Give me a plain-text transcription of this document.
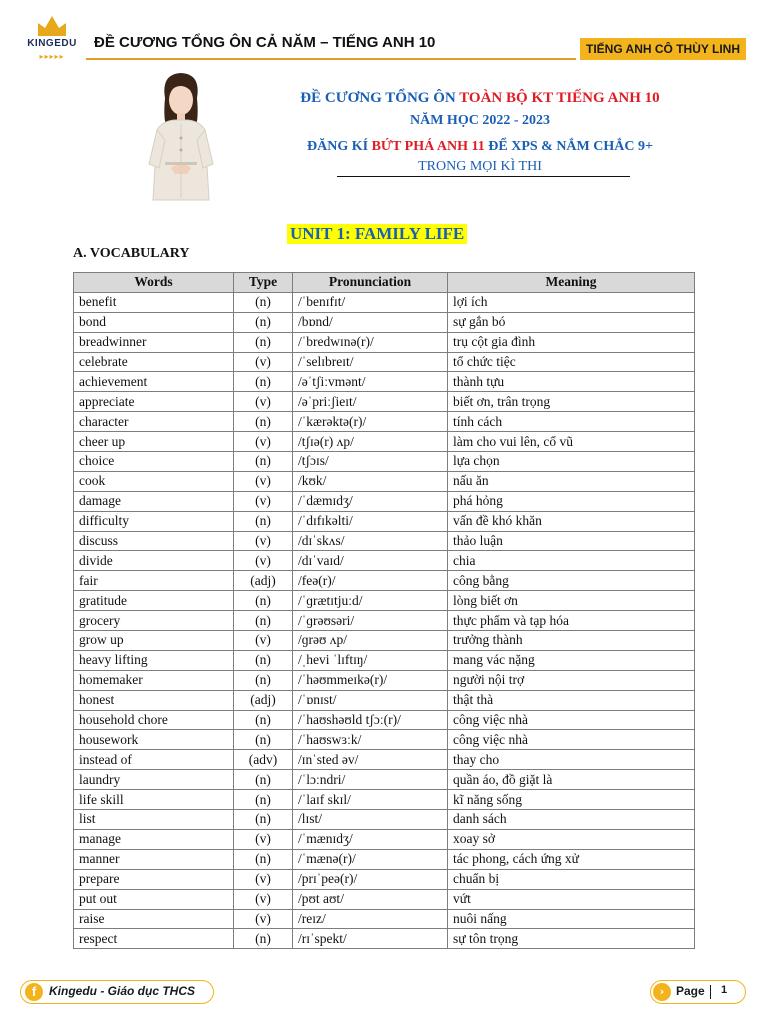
KINGEDU
▸▸▸▸▸
ĐỀ CƯƠNG TỔNG ÔN CẢ NĂM – TIẾNG ANH 10	TIẾNG ANH CÔ THÙY LINH
ĐỀ CƯƠNG TỔNG ÔN TOÀN BỘ KT TIẾNG ANH 10
NĂM HỌC 2022 - 2023
ĐĂNG KÍ BỨT PHÁ ANH 11 ĐỂ XPS & NẮM CHẮC 9+
TRONG MỌI KÌ THI
UNIT 1: FAMILY LIFE
A. VOCABULARY
Words	Type	Pronunciation	Meaning
benefit	(n)	/ˈbenɪfɪt/	lợi ích
bond	(n)	/bɒnd/	sự gắn bó
breadwinner	(n)	/ˈbredwɪnə(r)/	trụ cột gia đình
celebrate	(v)	/ˈselɪbreɪt/	tổ chức tiệc
achievement	(n)	/əˈtʃiːvmənt/	thành tựu
appreciate	(v)	/əˈpriːʃieɪt/	biết ơn, trân trọng
character	(n)	/ˈkærəktə(r)/	tính cách
cheer up	(v)	/tʃɪə(r) ʌp/	làm cho vui lên, cổ vũ
choice	(n)	/tʃɔɪs/	lựa chọn
cook	(v)	/kʊk/	nấu ăn
damage	(v)	/ˈdæmɪdʒ/	phá hỏng
difficulty	(n)	/ˈdɪfɪkəlti/	vấn đề khó khăn
discuss	(v)	/dɪˈskʌs/	thảo luận
divide	(v)	/dɪˈvaɪd/	chia
fair	(adj)	/feə(r)/	công bằng
gratitude	(n)	/ˈɡrætɪtjuːd/	lòng biết ơn
grocery	(n)	/ˈɡrəʊsəri/	thực phẩm và tạp hóa
grow up	(v)	/ɡrəʊ ʌp/	trưởng thành
heavy lifting	(n)	/ˌhevi ˈlɪftɪŋ/	mang vác nặng
homemaker	(n)	/ˈhəʊmmeɪkə(r)/	người nội trợ
honest	(adj)	/ˈɒnɪst/	thật thà
household chore	(n)	/ˈhaʊshəʊld tʃɔː(r)/	công việc nhà
housework	(n)	/ˈhaʊswɜːk/	công việc nhà
instead of	(adv)	/ɪnˈsted əv/	thay cho
laundry	(n)	/ˈlɔːndri/	quần áo, đồ giặt là
life skill	(n)	/ˈlaɪf skɪl/	kĩ năng sống
list	(n)	/lɪst/	danh sách
manage	(v)	/ˈmænɪdʒ/	xoay sở
manner	(n)	/ˈmænə(r)/	tác phong, cách ứng xử
prepare	(v)	/prɪˈpeə(r)/	chuẩn bị
put out	(v)	/pʊt aʊt/	vứt
raise	(v)	/reɪz/	nuôi nấng
respect	(n)	/rɪˈspekt/	sự tôn trọng
f	Kingedu - Giáo dục THCS	› Page 1
